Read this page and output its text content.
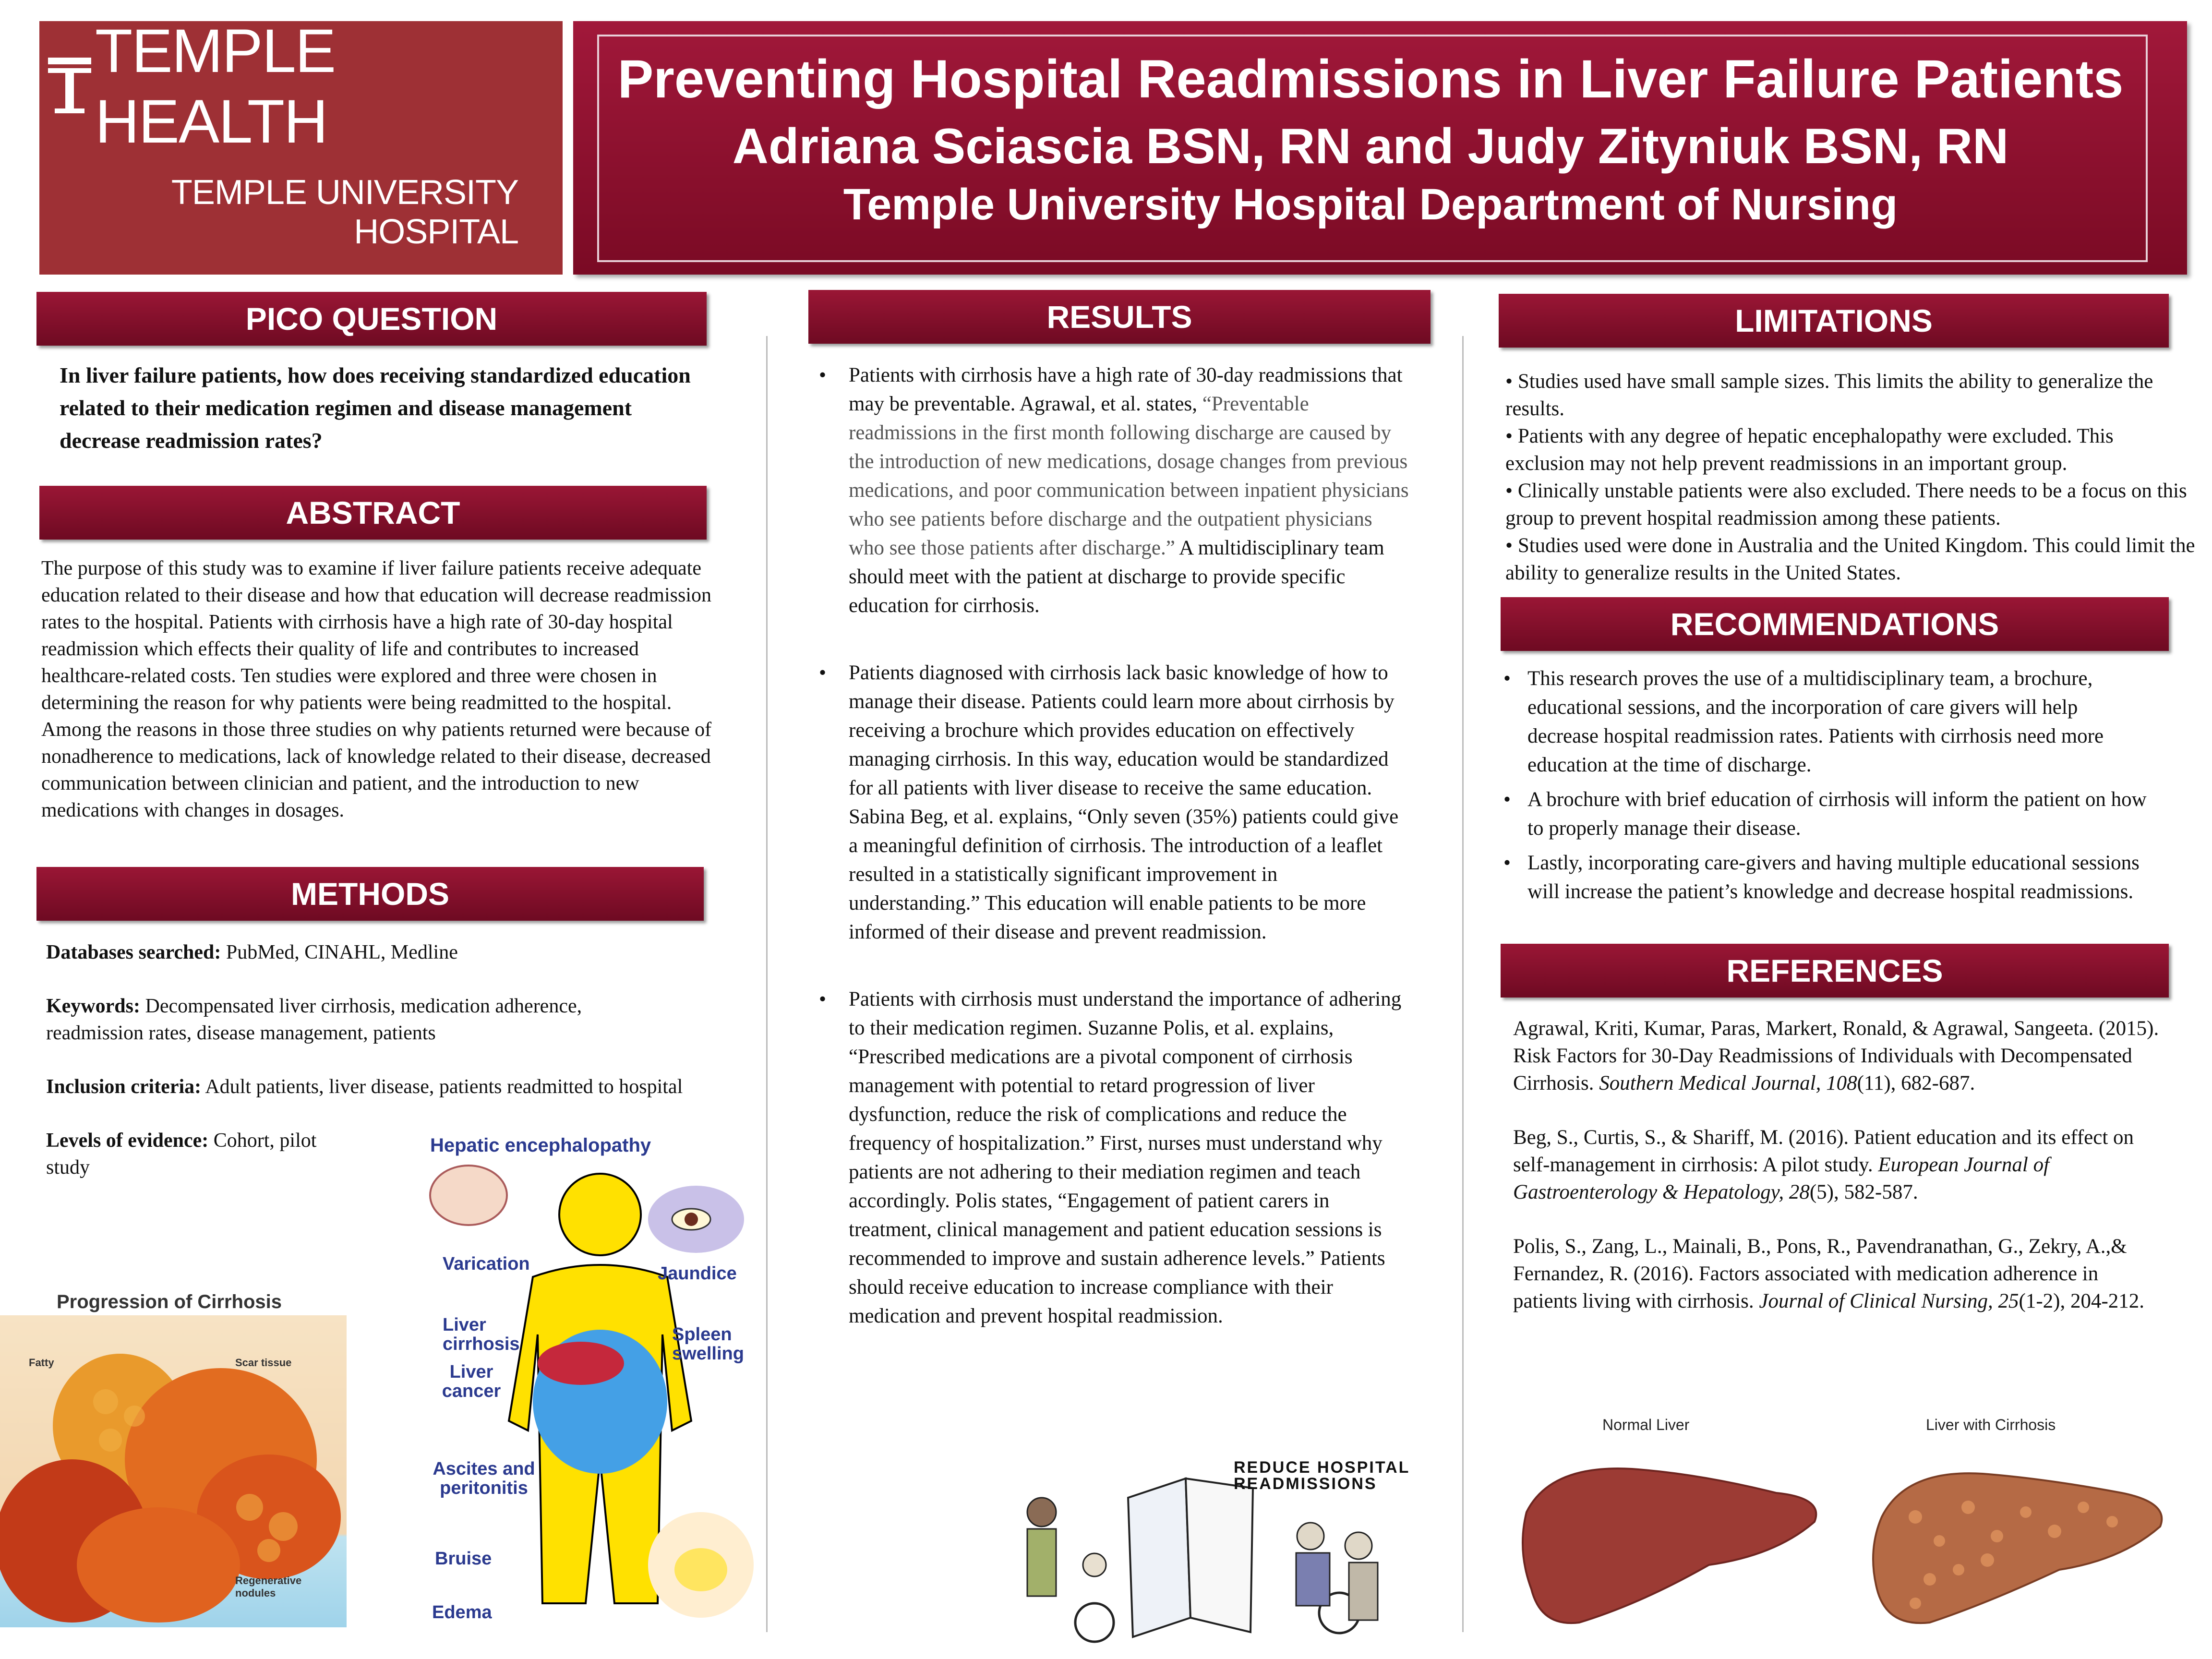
TEMPLE HEALTH
TEMPLE UNIVERSITY HOSPITAL
Preventing Hospital Readmissions in Liver Failure Patients
Adriana Sciascia BSN, RN and Judy Zityniuk BSN, RN
Temple University Hospital Department of Nursing
PICO QUESTION
In liver failure patients, how does receiving standardized education related to their medication regimen and disease management decrease readmission rates?
ABSTRACT
The purpose of this study was to examine if liver failure patients receive adequate education related to their disease and how that education will decrease readmission rates to the hospital. Patients with cirrhosis have a high rate of 30-day hospital readmission which effects their quality of life and contributes to increased healthcare-related costs. Ten studies were explored and three were chosen in determining the reason for why patients were being readmitted to the hospital. Among the reasons in those three studies on why patients returned were because of nonadherence to medications, lack of knowledge related to their disease, decreased communication between clinician and patient, and the introduction to new medications with changes in dosages.
METHODS

Databases searched: PubMed, CINAHL, Medline

Keywords: Decompensated liver cirrhosis, medication adherence, readmission rates, disease management, patients

Inclusion criteria: Adult patients, liver disease, patients readmitted to hospital

Levels of evidence: Cohort, pilot study

Progression of Cirrhosis
Fatty	Scar tissue
Regenerative nodules
Hepatic encephalopathy
Varication	Jaundice
Liver cirrhosis	Spleen swelling
Liver cancer
Ascites and peritonitis
Bruise
Edema
RESULTS
• Patients with cirrhosis have a high rate of 30-day readmissions that may be preventable. Agrawal, et al. states, “Preventable readmissions in the first month following discharge are caused by the introduction of new medications, dosage changes from previous medications, and poor communication between inpatient physicians who see patients before discharge and the outpatient physicians who see those patients after discharge.” A multidisciplinary team should meet with the patient at discharge to provide specific education for cirrhosis.
• Patients diagnosed with cirrhosis lack basic knowledge of how to manage their disease. Patients could learn more about cirrhosis by receiving a brochure which provides education on effectively managing cirrhosis. In this way, education would be standardized for all patients with liver disease to receive the same education. Sabina Beg, et al. explains, “Only seven (35%) patients could give a meaningful definition of cirrhosis. The introduction of a leaflet resulted in a statistically significant improvement in understanding.” This education will enable patients to be more informed of their disease and prevent readmission.
• Patients with cirrhosis must understand the importance of adhering to their medication regimen. Suzanne Polis, et al. explains, “Prescribed medications are a pivotal component of cirrhosis management with potential to retard progression of liver dysfunction, reduce the risk of complications and reduce the frequency of hospitalization.” First, nurses must understand why patients are not adhering to their mediation regimen and teach accordingly. Polis states, “Engagement of patient carers in treatment, clinical management and patient education sessions is recommended to improve and sustain adherence levels.” Patients should receive education to increase compliance with their medication and prevent hospital readmission.
REDUCE HOSPITAL READMISSIONS
LIMITATIONS

• Studies used have small sample sizes. This limits the ability to generalize the results.

• Patients with any degree of hepatic encephalopathy were excluded. This exclusion may not help prevent readmissions in an important group.

• Clinically unstable patients were also excluded. There needs to be a focus on this group to prevent hospital readmission among these patients.

• Studies used were done in Australia and the United Kingdom. This could limit the ability to generalize results in the United States.

RECOMMENDATIONS
• This research proves the use of a multidisciplinary team, a brochure, educational sessions, and the incorporation of care givers will help decrease hospital readmission rates. Patients with cirrhosis need more education at the time of discharge.
• A brochure with brief education of cirrhosis will inform the patient on how to properly manage their disease.
• Lastly, incorporating care-givers and having multiple educational sessions will increase the patient’s knowledge and decrease hospital readmissions.
REFERENCES

Agrawal, Kriti, Kumar, Paras, Markert, Ronald, & Agrawal, Sangeeta. (2015). Risk Factors for 30-Day Readmissions of Individuals with Decompensated Cirrhosis. Southern Medical Journal, 108(11), 682-687.

Beg, S., Curtis, S., & Shariff, M. (2016). Patient education and its effect on self-management in cirrhosis: A pilot study. European Journal of Gastroenterology & Hepatology, 28(5), 582-587.

Polis, S., Zang, L., Mainali, B., Pons, R., Pavendranathan, G., Zekry, A.,& Fernandez, R. (2016). Factors associated with medication adherence in patients living with cirrhosis. Journal of Clinical Nursing, 25(1-2), 204-212.

Normal Liver	Liver with Cirrhosis
